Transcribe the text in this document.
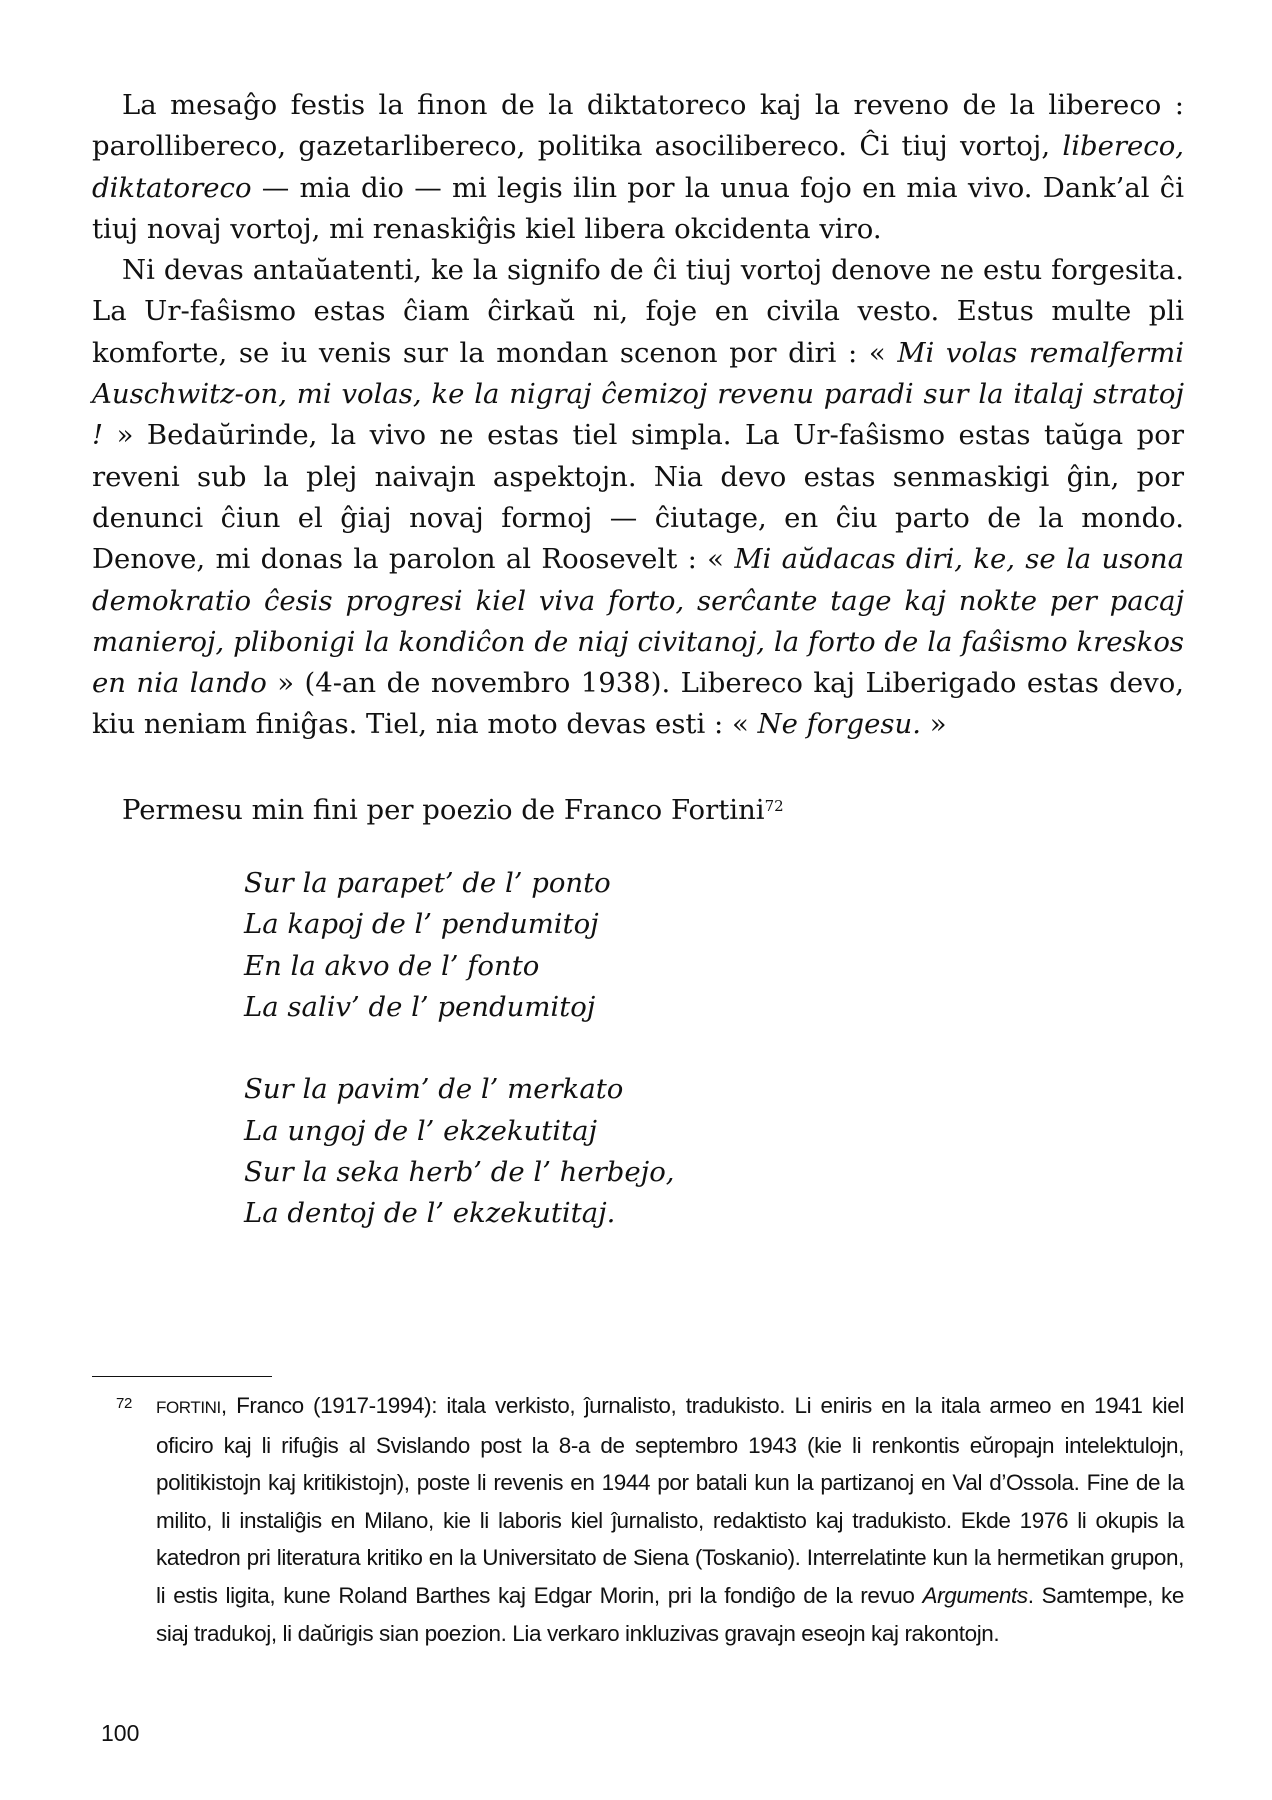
La mesaĝo festis la finon de la diktatoreco kaj la reveno de la libereco : parollibereco, gazetarlibereco, politika asocilibereco. Ĉi tiuj vortoj, libereco, diktatoreco — mia dio — mi legis ilin por la unua fojo en mia vivo. Dank’al ĉi tiuj novaj vortoj, mi renaskiĝis kiel libera okcidenta viro.

Ni devas antaŭatenti, ke la signifo de ĉi tiuj vortoj denove ne estu forgesita. La Ur-faŝismo estas ĉiam ĉirkaŭ ni, foje en civila vesto. Estus multe pli komforte, se iu venis sur la mondan scenon por diri : « Mi volas remalfermi Auschwitz-on, mi volas, ke la nigraj ĉemizoj revenu paradi sur la italaj stratoj ! » Bedaŭrinde, la vivo ne estas tiel simpla. La Ur-faŝismo estas taŭga por reveni sub la plej naivajn aspektojn. Nia devo estas senmaskigi ĝin, por denunci ĉiun el ĝiaj novaj formoj — ĉiutage, en ĉiu parto de la mondo. Denove, mi donas la parolon al Roosevelt : « Mi aŭdacas diri, ke, se la usona demokratio ĉesis progresi kiel viva forto, serĉante tage kaj nokte per pacaj manieroj, plibonigi la kondiĉon de niaj civitanoj, la forto de la faŝismo kreskos en nia lando » (4-an de novembro 1938). Libereco kaj Liberigado estas devo, kiu neniam finiĝas. Tiel, nia moto devas esti : « Ne forgesu. »

Permesu min fini per poezio de Franco Fortini$^{72}$

Sur la parapet’ de l’ ponto
La kapoj de l’ pendumitoj
En la akvo de l’ fonto
La saliv’ de l’ pendumitoj
Sur la pavim’ de l’ merkato
La ungoj de l’ ekzekutitaj
Sur la seka herb’ de l’ herbejo,
La dentoj de l’ ekzekutitaj.
72 FORTINI, Franco (1917-1994): itala verkisto, ĵurnalisto, tradukisto. Li eniris en la itala armeo en 1941 kiel oficiro kaj li rifuĝis al Svislando post la 8-a de septembro 1943 (kie li renkontis eŭropajn intelektulojn, politikistojn kaj kritikistojn), poste li revenis en 1944 por batali kun la partizanoj en Val d’Ossola. Fine de la milito, li instaliĝis en Milano, kie li laboris kiel ĵurnalisto, redaktisto kaj tradukisto. Ekde 1976 li okupis la katedron pri literatura kritiko en la Universitato de Siena (Toskanio). Interrelatinte kun la hermetikan grupon, li estis ligita, kune Roland Barthes kaj Edgar Morin, pri la fondiĝo de la revuo Arguments. Samtempe, ke siaj tradukoj, li daŭrigis sian poezion. Lia verkaro inkluzivas gravajn eseojn kaj rakontojn.
100
